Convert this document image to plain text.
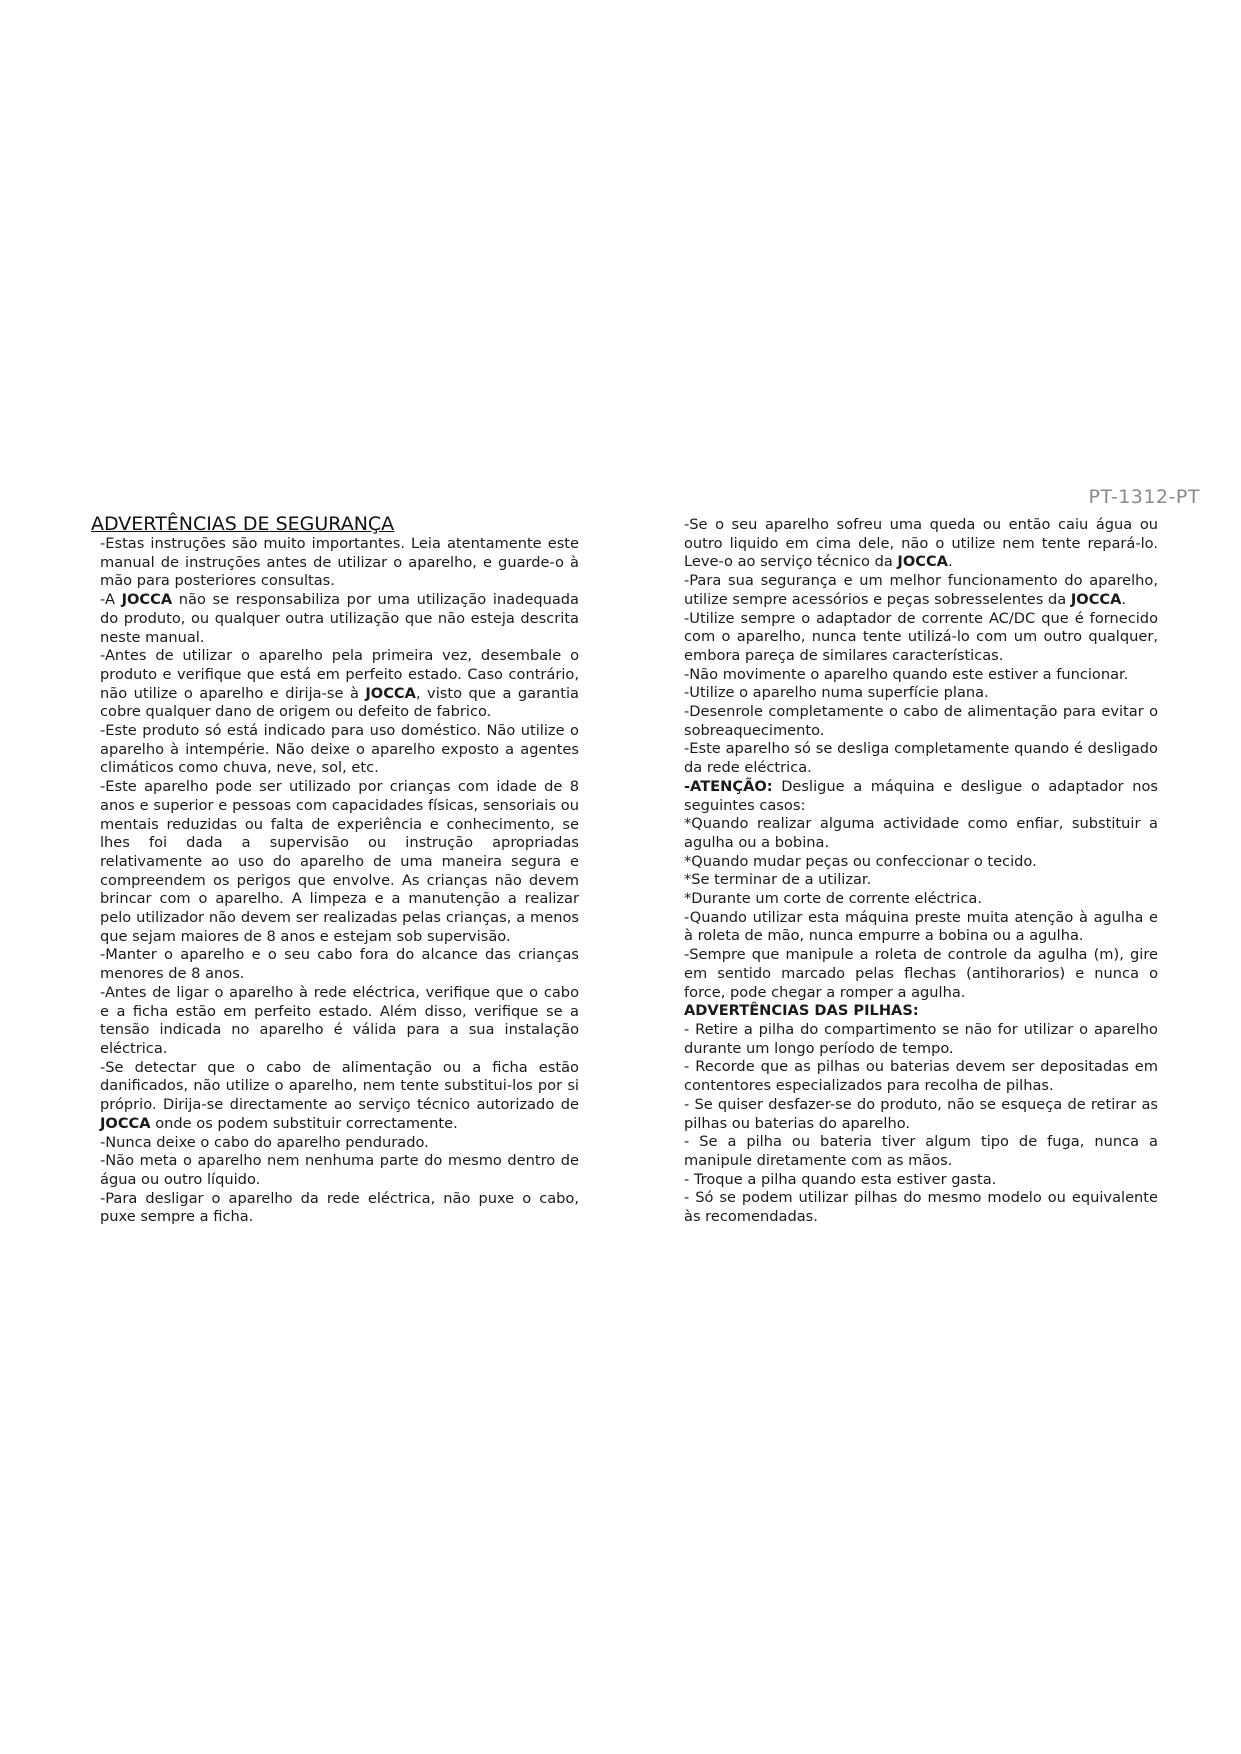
PT-1312-PT
ADVERTÊNCIAS DE SEGURANÇA

-Estas instruções são muito importantes. Leia atentamente este manual de instruções antes de utilizar o aparelho, e guarde-o à mão para posteriores consultas.

-A JOCCA não se responsabiliza por uma utilização inadequada do produto, ou qualquer outra utilização que não esteja descrita neste manual.

-Antes de utilizar o aparelho pela primeira vez, desembale o produto e verifique que está em perfeito estado. Caso contrário, não utilize o aparelho e dirija-se à JOCCA, visto que a garantia cobre qualquer dano de origem ou defeito de fabrico.

-Este produto só está indicado para uso doméstico. Não utilize o aparelho à intempérie. Não deixe o aparelho exposto a agentes climáticos como chuva, neve, sol, etc.

-Este aparelho pode ser utilizado por crianças com idade de 8 anos e superior e pessoas com capacidades físicas, sensoriais ou mentais reduzidas ou falta de experiência e conhecimento, se lhes foi dada a supervisão ou instrução apropriadas relativamente ao uso do aparelho de uma maneira segura e compreendem os perigos que envolve. As crianças não devem brincar com o aparelho. A limpeza e a manutenção a realizar pelo utilizador não devem ser realizadas pelas crianças, a menos que sejam maiores de 8 anos e estejam sob supervisão.

-Manter o aparelho e o seu cabo fora do alcance das crianças menores de 8 anos.

-Antes de ligar o aparelho à rede eléctrica, verifique que o cabo e a ficha estão em perfeito estado. Além disso, verifique se a tensão indicada no aparelho é válida para a sua instalação eléctrica.

-Se detectar que o cabo de alimentação ou a ficha estão danificados, não utilize o aparelho, nem tente substitui-los por si próprio. Dirija-se directamente ao serviço técnico autorizado de JOCCA onde os podem substituir correctamente.

-Nunca deixe o cabo do aparelho pendurado.

-Não meta o aparelho nem nenhuma parte do mesmo dentro de água ou outro líquido.

-Para desligar o aparelho da rede eléctrica, não puxe o cabo, puxe sempre a ficha.

-Se o seu aparelho sofreu uma queda ou então caiu água ou outro liquido em cima dele, não o utilize nem tente repará-lo. Leve-o ao serviço técnico da JOCCA.

-Para sua segurança e um melhor funcionamento do aparelho, utilize sempre acessórios e peças sobresselentes da JOCCA.

-Utilize sempre o adaptador de corrente AC/DC que é fornecido com o aparelho, nunca tente utilizá-lo com um outro qualquer, embora pareça de similares características.

-Não movimente o aparelho quando este estiver a funcionar.

-Utilize o aparelho numa superfície plana.

-Desenrole completamente o cabo de alimentação para evitar o sobreaquecimento.

-Este aparelho só se desliga completamente quando é desligado da rede eléctrica.

-ATENÇÃO: Desligue a máquina e desligue o adaptador nos seguintes casos:

*Quando realizar alguma actividade como enfiar, substituir a agulha ou a bobina.

*Quando mudar peças ou confeccionar o tecido.

*Se terminar de a utilizar.

*Durante um corte de corrente eléctrica.

-Quando utilizar esta máquina preste muita atenção à agulha e à roleta de mão, nunca empurre a bobina ou a agulha.

-Sempre que manipule a roleta de controle da agulha (m), gire em sentido marcado pelas flechas (antihorarios) e nunca o force, pode chegar a romper a agulha.

ADVERTÊNCIAS DAS PILHAS:

- Retire a pilha do compartimento se não for utilizar o aparelho durante um longo período de tempo.

- Recorde que as pilhas ou baterias devem ser depositadas em contentores especializados para recolha de pilhas.

- Se quiser desfazer-se do produto, não se esqueça de retirar as pilhas ou baterias do aparelho.

- Se a pilha ou bateria tiver algum tipo de fuga, nunca a manipule diretamente com as mãos.

- Troque a pilha quando esta estiver gasta.

- Só se podem utilizar pilhas do mesmo modelo ou equivalente às recomendadas.
